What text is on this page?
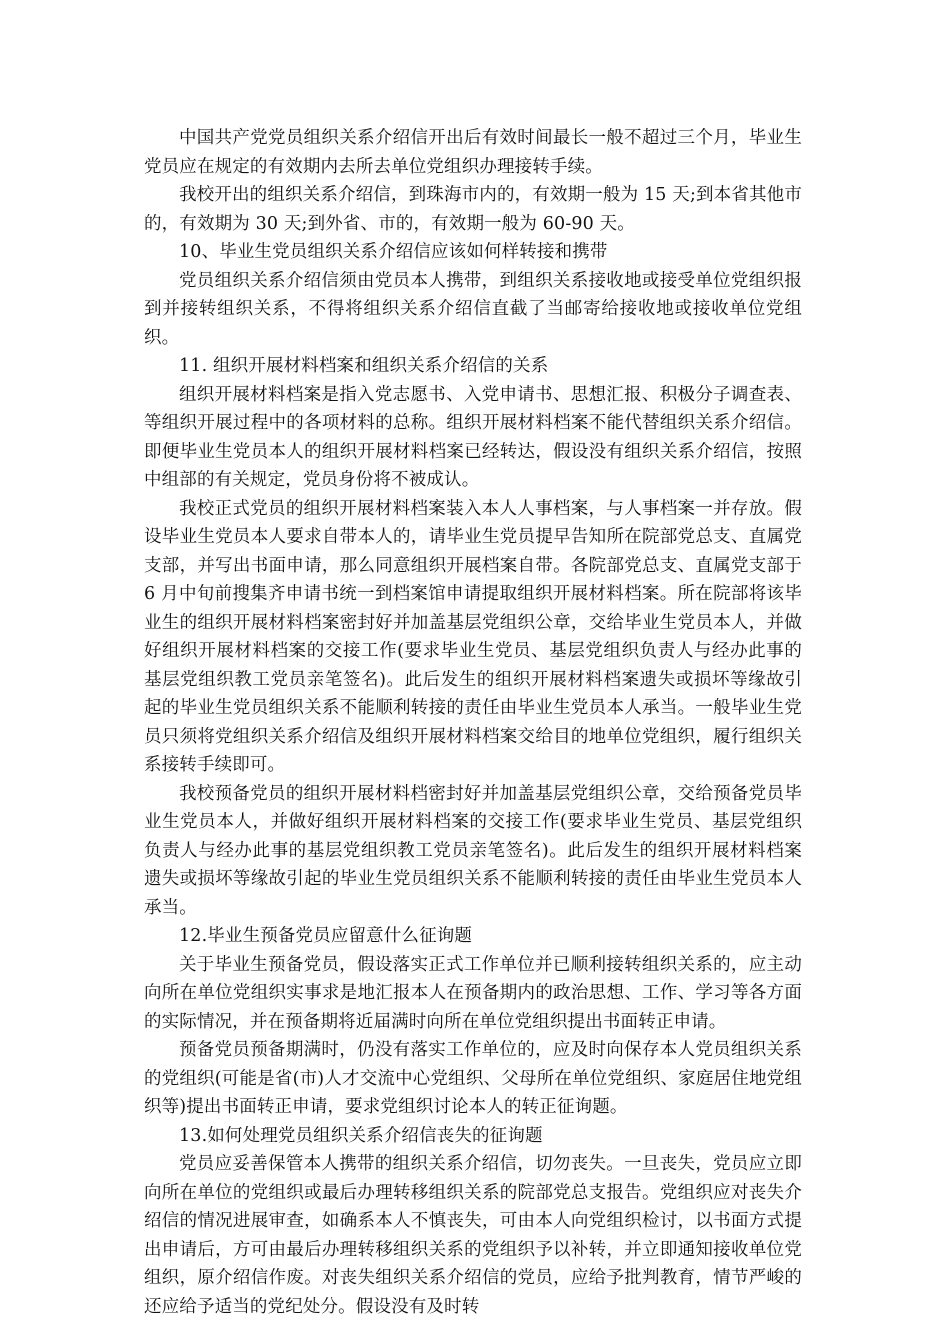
中国共产党党员组织关系介绍信开出后有效时间最长一般不超过三个月，毕业生党员应在规定的有效期内去所去单位党组织办理接转手续。

我校开出的组织关系介绍信，到珠海市内的，有效期一般为 15 天;到本省其他市的，有效期为 30 天;到外省、市的，有效期一般为 60-90 天。

10、毕业生党员组织关系介绍信应该如何样转接和携带

党员组织关系介绍信须由党员本人携带，到组织关系接收地或接受单位党组织报到并接转组织关系，不得将组织关系介绍信直截了当邮寄给接收地或接收单位党组织。

11. 组织开展材料档案和组织关系介绍信的关系

组织开展材料档案是指入党志愿书、入党申请书、思想汇报、积极分子调查表、等组织开展过程中的各项材料的总称。组织开展材料档案不能代替组织关系介绍信。即便毕业生党员本人的组织开展材料档案已经转达，假设没有组织关系介绍信，按照中组部的有关规定，党员身份将不被成认。

我校正式党员的组织开展材料档案装入本人人事档案，与人事档案一并存放。假设毕业生党员本人要求自带本人的，请毕业生党员提早告知所在院部党总支、直属党支部，并写出书面申请，那么同意组织开展档案自带。各院部党总支、直属党支部于 6 月中旬前搜集齐申请书统一到档案馆申请提取组织开展材料档案。所在院部将该毕业生的组织开展材料档案密封好并加盖基层党组织公章，交给毕业生党员本人，并做好组织开展材料档案的交接工作(要求毕业生党员、基层党组织负责人与经办此事的基层党组织教工党员亲笔签名)。此后发生的组织开展材料档案遗失或损坏等缘故引起的毕业生党员组织关系不能顺利转接的责任由毕业生党员本人承当。一般毕业生党员只须将党组织关系介绍信及组织开展材料档案交给目的地单位党组织，履行组织关系接转手续即可。

我校预备党员的组织开展材料档密封好并加盖基层党组织公章，交给预备党员毕业生党员本人，并做好组织开展材料档案的交接工作(要求毕业生党员、基层党组织负责人与经办此事的基层党组织教工党员亲笔签名)。此后发生的组织开展材料档案遗失或损坏等缘故引起的毕业生党员组织关系不能顺利转接的责任由毕业生党员本人承当。

12.毕业生预备党员应留意什么征询题

关于毕业生预备党员，假设落实正式工作单位并已顺利接转组织关系的，应主动向所在单位党组织实事求是地汇报本人在预备期内的政治思想、工作、学习等各方面的实际情况，并在预备期将近届满时向所在单位党组织提出书面转正申请。

预备党员预备期满时，仍没有落实工作单位的，应及时向保存本人党员组织关系的党组织(可能是省(市)人才交流中心党组织、父母所在单位党组织、家庭居住地党组织等)提出书面转正申请，要求党组织讨论本人的转正征询题。

13.如何处理党员组织关系介绍信丧失的征询题

党员应妥善保管本人携带的组织关系介绍信，切勿丧失。一旦丧失，党员应立即向所在单位的党组织或最后办理转移组织关系的院部党总支报告。党组织应对丧失介绍信的情况进展审查，如确系本人不慎丧失，可由本人向党组织检讨，以书面方式提出申请后，方可由最后办理转移组织关系的党组织予以补转，并立即通知接收单位党组织，原介绍信作废。对丧失组织关系介绍信的党员，应给予批判教育，情节严峻的还应给予适当的党纪处分。假设没有及时转
